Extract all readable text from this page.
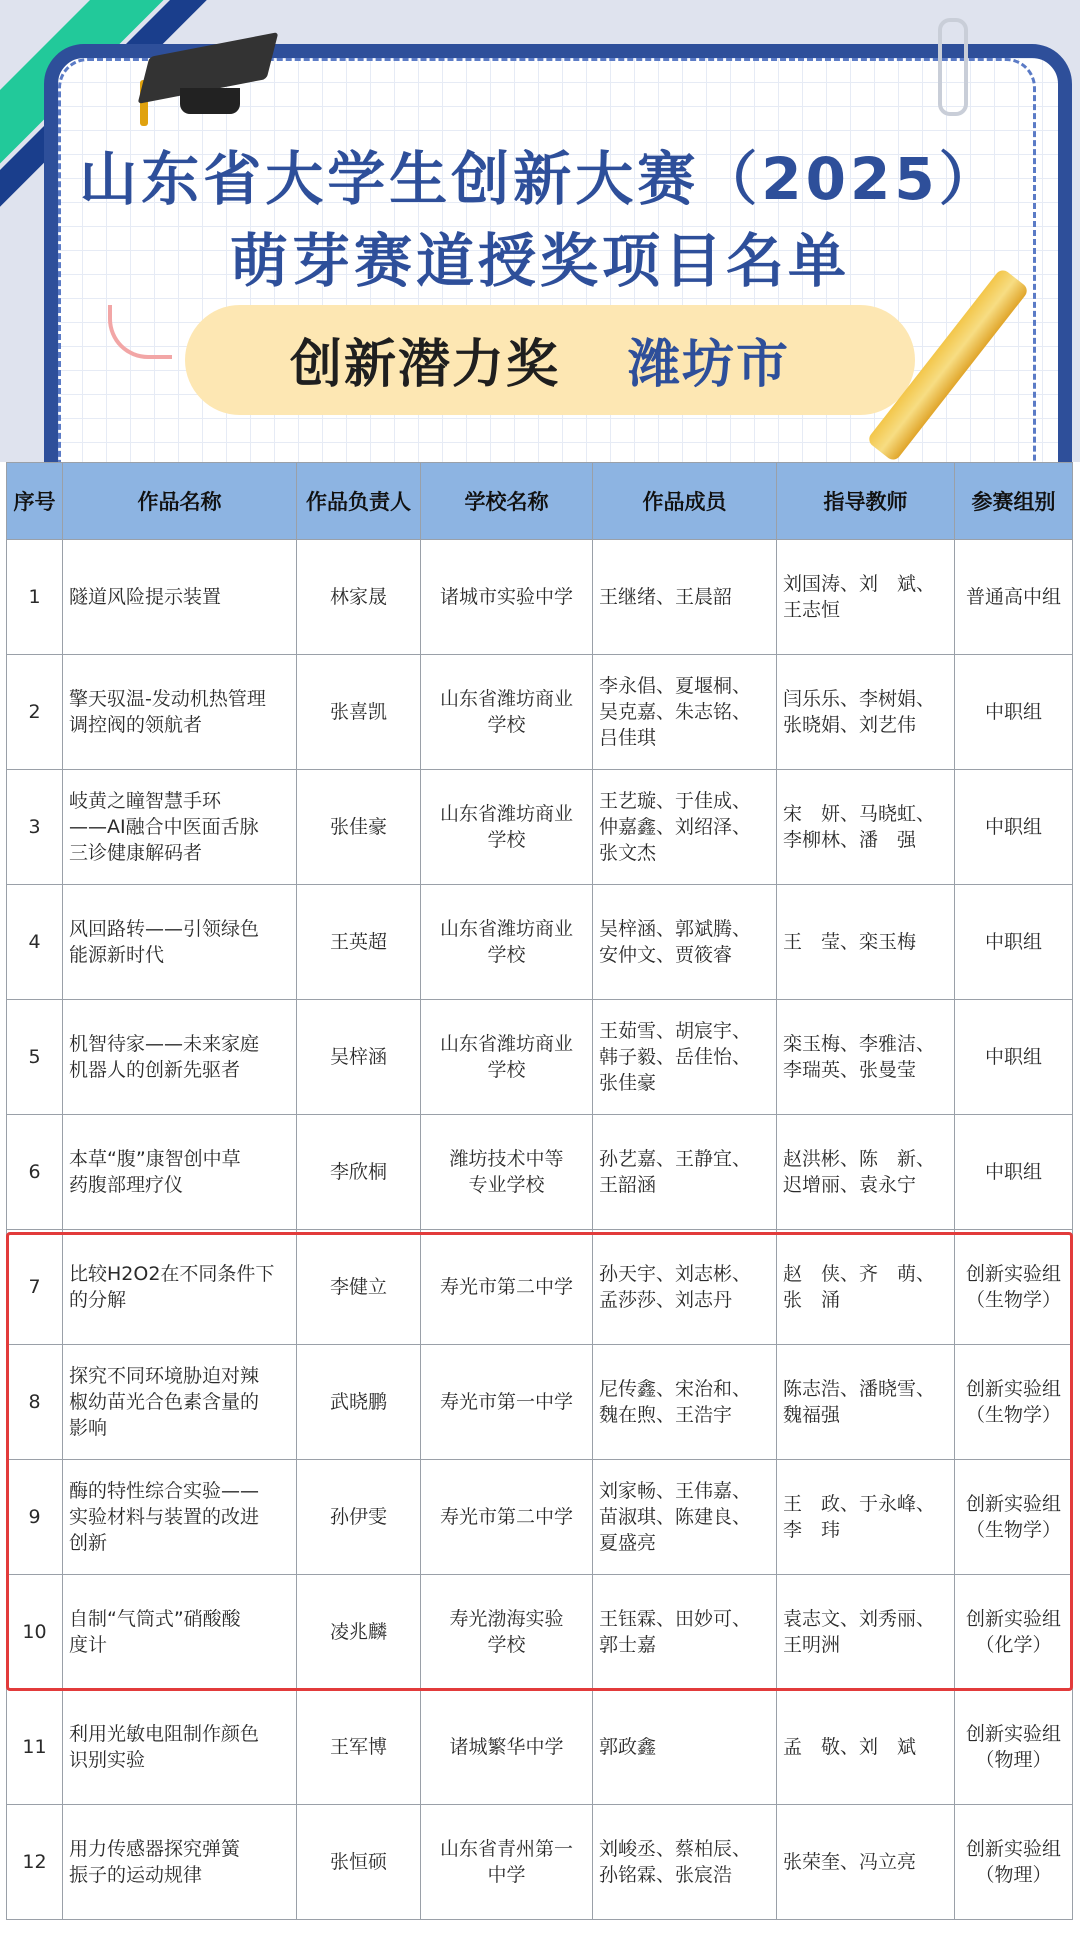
山东省大学生创新大赛（2025）
萌芽赛道授奖项目名单
创新潜力奖 潍坊市
序号	作品名称	作品负责人	学校名称	作品成员	指导教师	参赛组别
1	隧道风险提示装置	林家晟	诸城市实验中学	王继绪、王晨韶	刘国涛、刘　斌、
王志恒	普通高中组
2	擎天驭温-发动机热管理
调控阀的领航者	张喜凯	山东省潍坊商业
学校	李永倡、夏堰桐、
吴克嘉、朱志铭、
吕佳琪	闫乐乐、李树娟、
张晓娟、刘艺伟	中职组
3	岐黄之瞳智慧手环
——AI融合中医面舌脉
三诊健康解码者	张佳豪	山东省潍坊商业
学校	王艺璇、于佳成、
仲嘉鑫、刘绍泽、
张文杰	宋　妍、马晓虹、
李柳林、潘　强	中职组
4	风回路转——引领绿色
能源新时代	王英超	山东省潍坊商业
学校	吴梓涵、郭斌腾、
安仲文、贾筱睿	王　莹、栾玉梅	中职组
5	机智待家——未来家庭
机器人的创新先驱者	吴梓涵	山东省潍坊商业
学校	王茹雪、胡宸宇、
韩子毅、岳佳怡、
张佳豪	栾玉梅、李雅洁、
李瑞英、张曼莹	中职组
6	本草“腹”康智创中草
药腹部理疗仪	李欣桐	潍坊技术中等
专业学校	孙艺嘉、王静宜、
王韶涵	赵洪彬、陈　新、
迟增丽、袁永宁	中职组
7	比较H2O2在不同条件下
的分解	李健立	寿光市第二中学	孙天宇、刘志彬、
孟莎莎、刘志丹	赵　侠、齐　萌、
张　涌	创新实验组
（生物学）
8	探究不同环境胁迫对辣
椒幼苗光合色素含量的
影响	武晓鹏	寿光市第一中学	尼传鑫、宋治和、
魏在煦、王浩宇	陈志浩、潘晓雪、
魏福强	创新实验组
（生物学）
9	酶的特性综合实验——
实验材料与装置的改进
创新	孙伊雯	寿光市第二中学	刘家畅、王伟嘉、
苗淑琪、陈建良、
夏盛亮	王　政、于永峰、
李　玮	创新实验组
（生物学）
10	自制“气筒式”硝酸酸
度计	凌兆麟	寿光渤海实验
学校	王钰霖、田妙可、
郭士嘉	袁志文、刘秀丽、
王明洲	创新实验组
（化学）
11	利用光敏电阻制作颜色
识别实验	王军博	诸城繁华中学	郭政鑫	孟　敬、刘　斌	创新实验组
（物理）
12	用力传感器探究弹簧
振子的运动规律	张恒硕	山东省青州第一
中学	刘峻丞、蔡柏辰、
孙铭霖、张宸浩	张荣奎、冯立亮	创新实验组
（物理）
